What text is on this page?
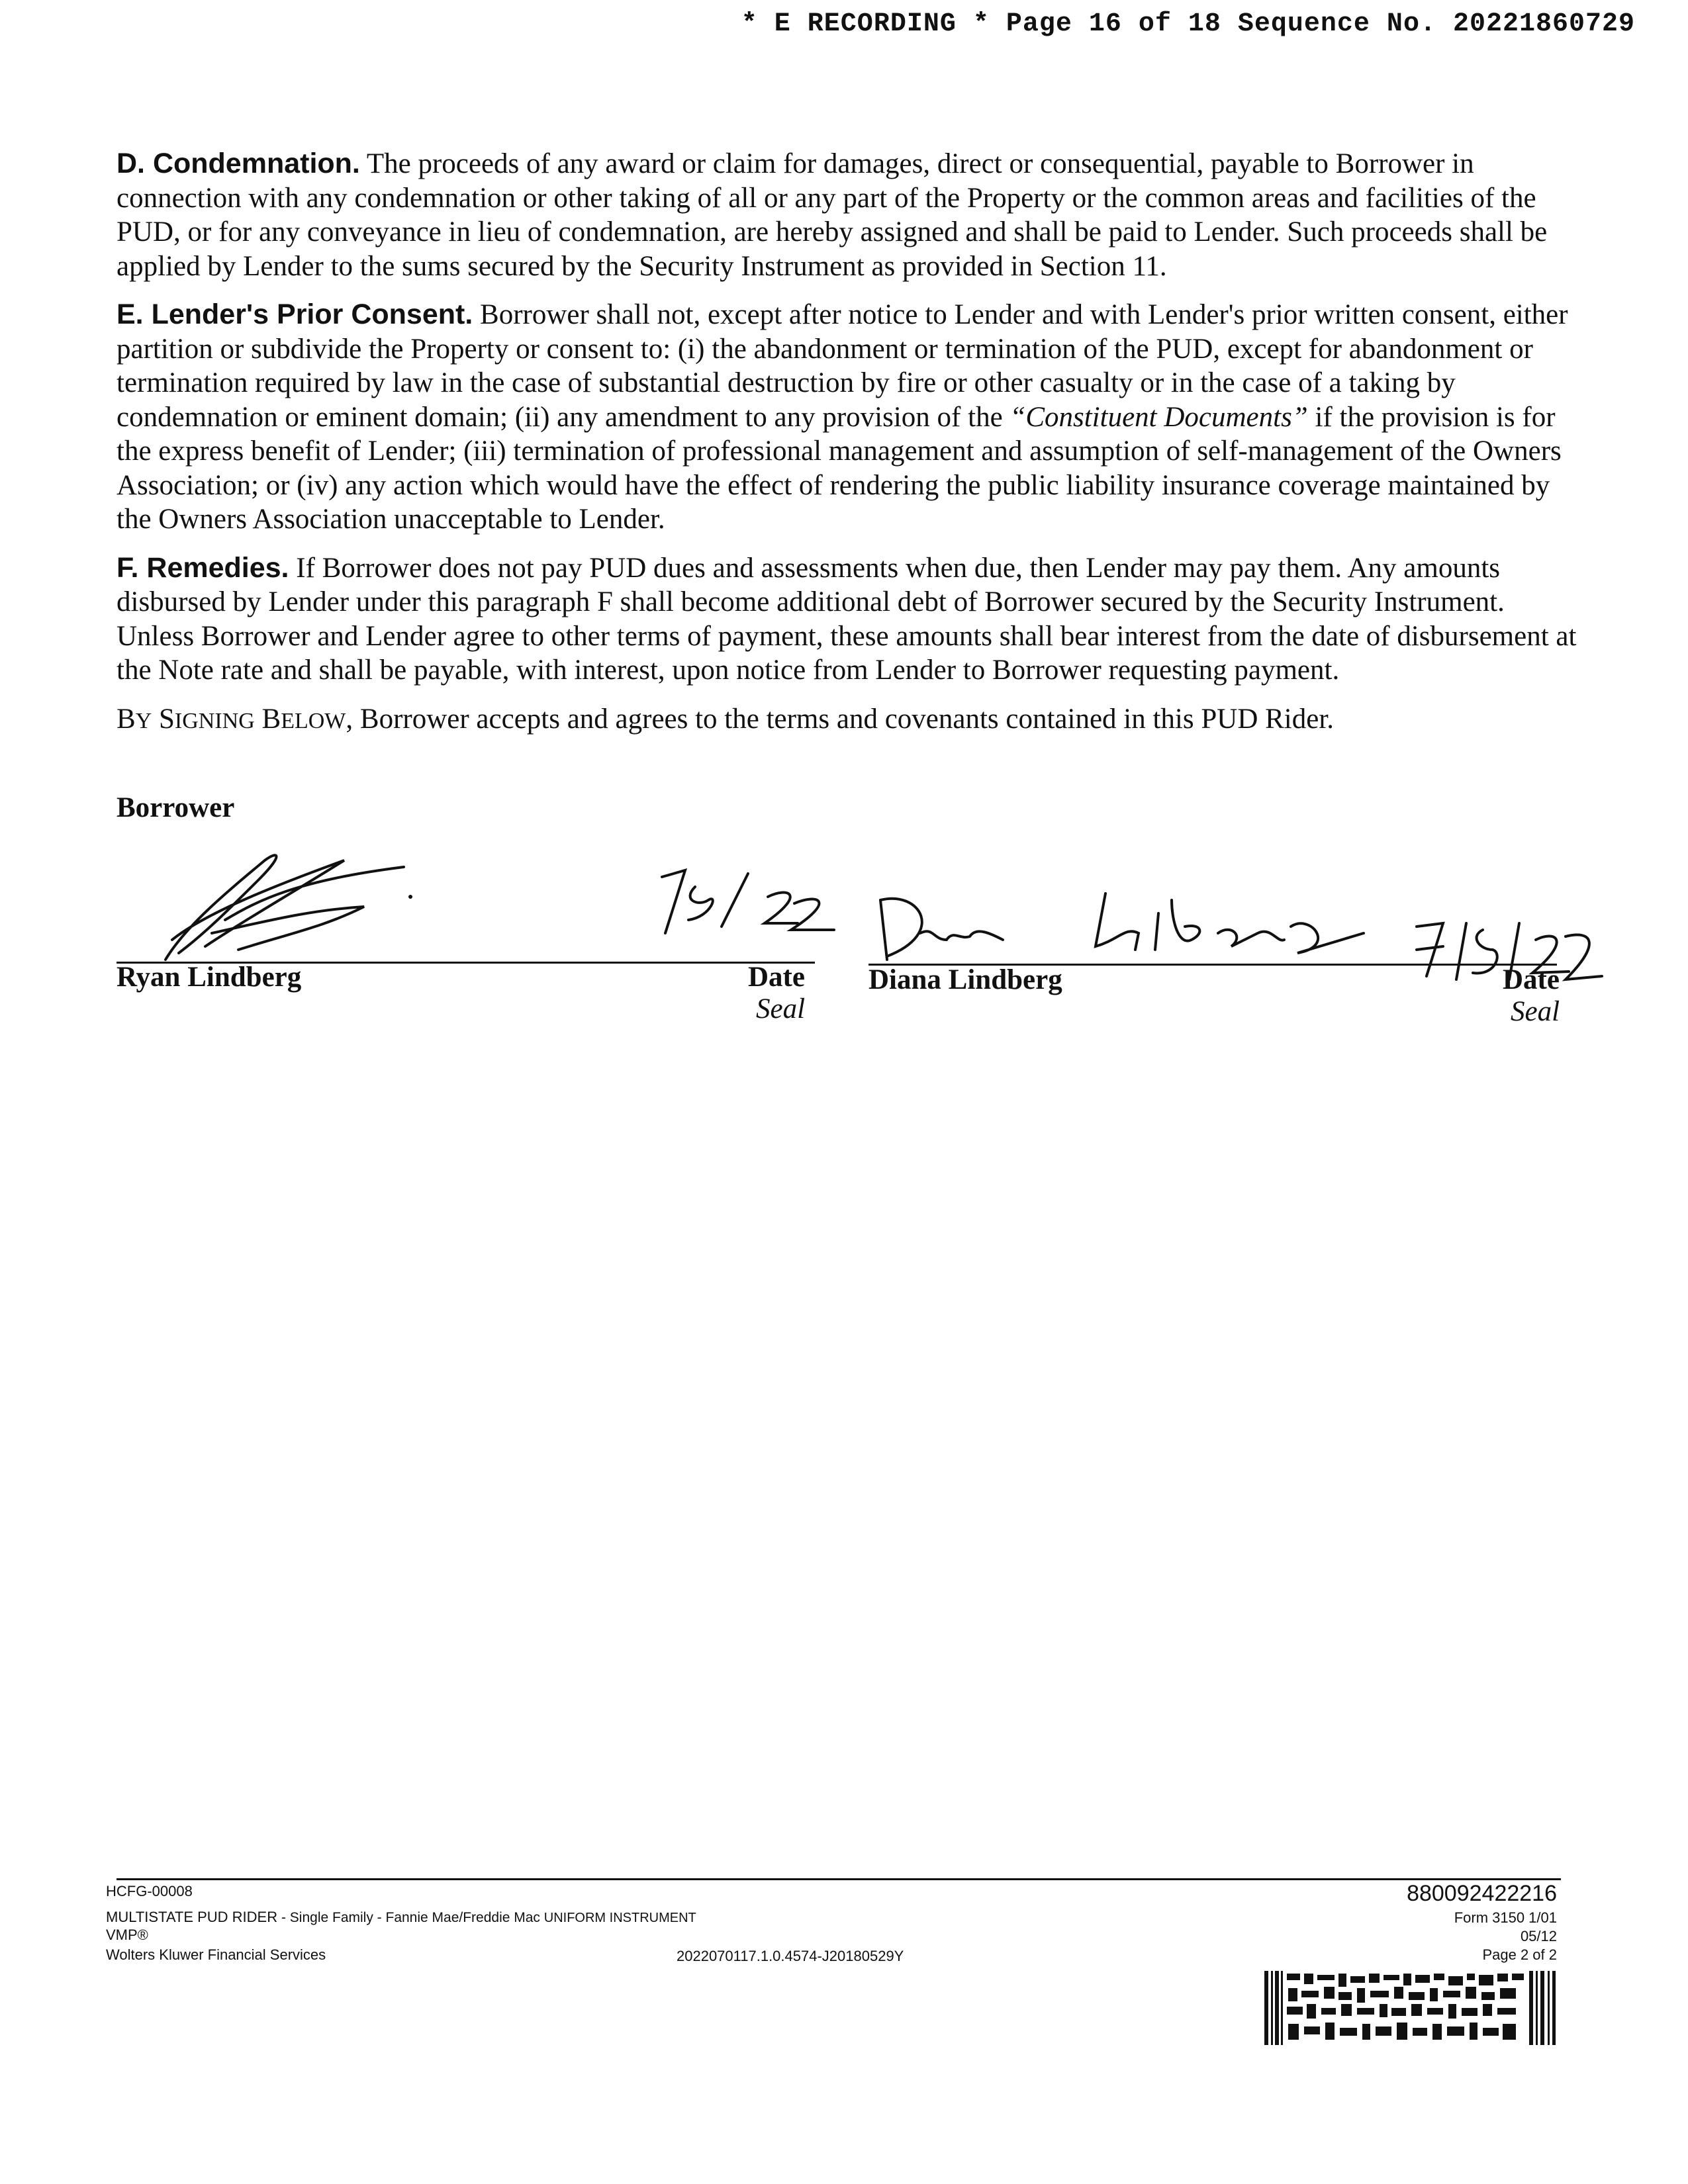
* E RECORDING * Page 16 of 18 Sequence No. 20221860729

D. Condemnation. The proceeds of any award or claim for damages, direct or consequential, payable to Borrower in connection with any condemnation or other taking of all or any part of the Property or the common areas and facilities of the PUD, or for any conveyance in lieu of condemnation, are hereby assigned and shall be paid to Lender. Such proceeds shall be applied by Lender to the sums secured by the Security Instrument as provided in Section 11.

E. Lender's Prior Consent. Borrower shall not, except after notice to Lender and with Lender's prior written consent, either partition or subdivide the Property or consent to: (i) the abandonment or termination of the PUD, except for abandonment or termination required by law in the case of substantial destruction by fire or other casualty or in the case of a taking by condemnation or eminent domain; (ii) any amendment to any provision of the “Constituent Documents” if the provision is for the express benefit of Lender; (iii) termination of professional management and assumption of self-management of the Owners Association; or (iv) any action which would have the effect of rendering the public liability insurance coverage maintained by the Owners Association unacceptable to Lender.

F. Remedies. If Borrower does not pay PUD dues and assessments when due, then Lender may pay them. Any amounts disbursed by Lender under this paragraph F shall become additional debt of Borrower secured by the Security Instrument. Unless Borrower and Lender agree to other terms of payment, these amounts shall bear interest from the date of disbursement at the Note rate and shall be payable, with interest, upon notice from Lender to Borrower requesting payment.

BY SIGNING BELOW, Borrower accepts and agrees to the terms and covenants contained in this PUD Rider.

Borrower
Ryan Lindberg	Date
Seal
Diana Lindberg	Date
Seal
HCFG-00008
MULTISTATE PUD RIDER - Single Family - Fannie Mae/Freddie Mac UNIFORM INSTRUMENT
VMP®
Wolters Kluwer Financial Services	2022070117.1.0.4574-J20180529Y
880092422216
Form 3150 1/01
05/12
Page 2 of 2
